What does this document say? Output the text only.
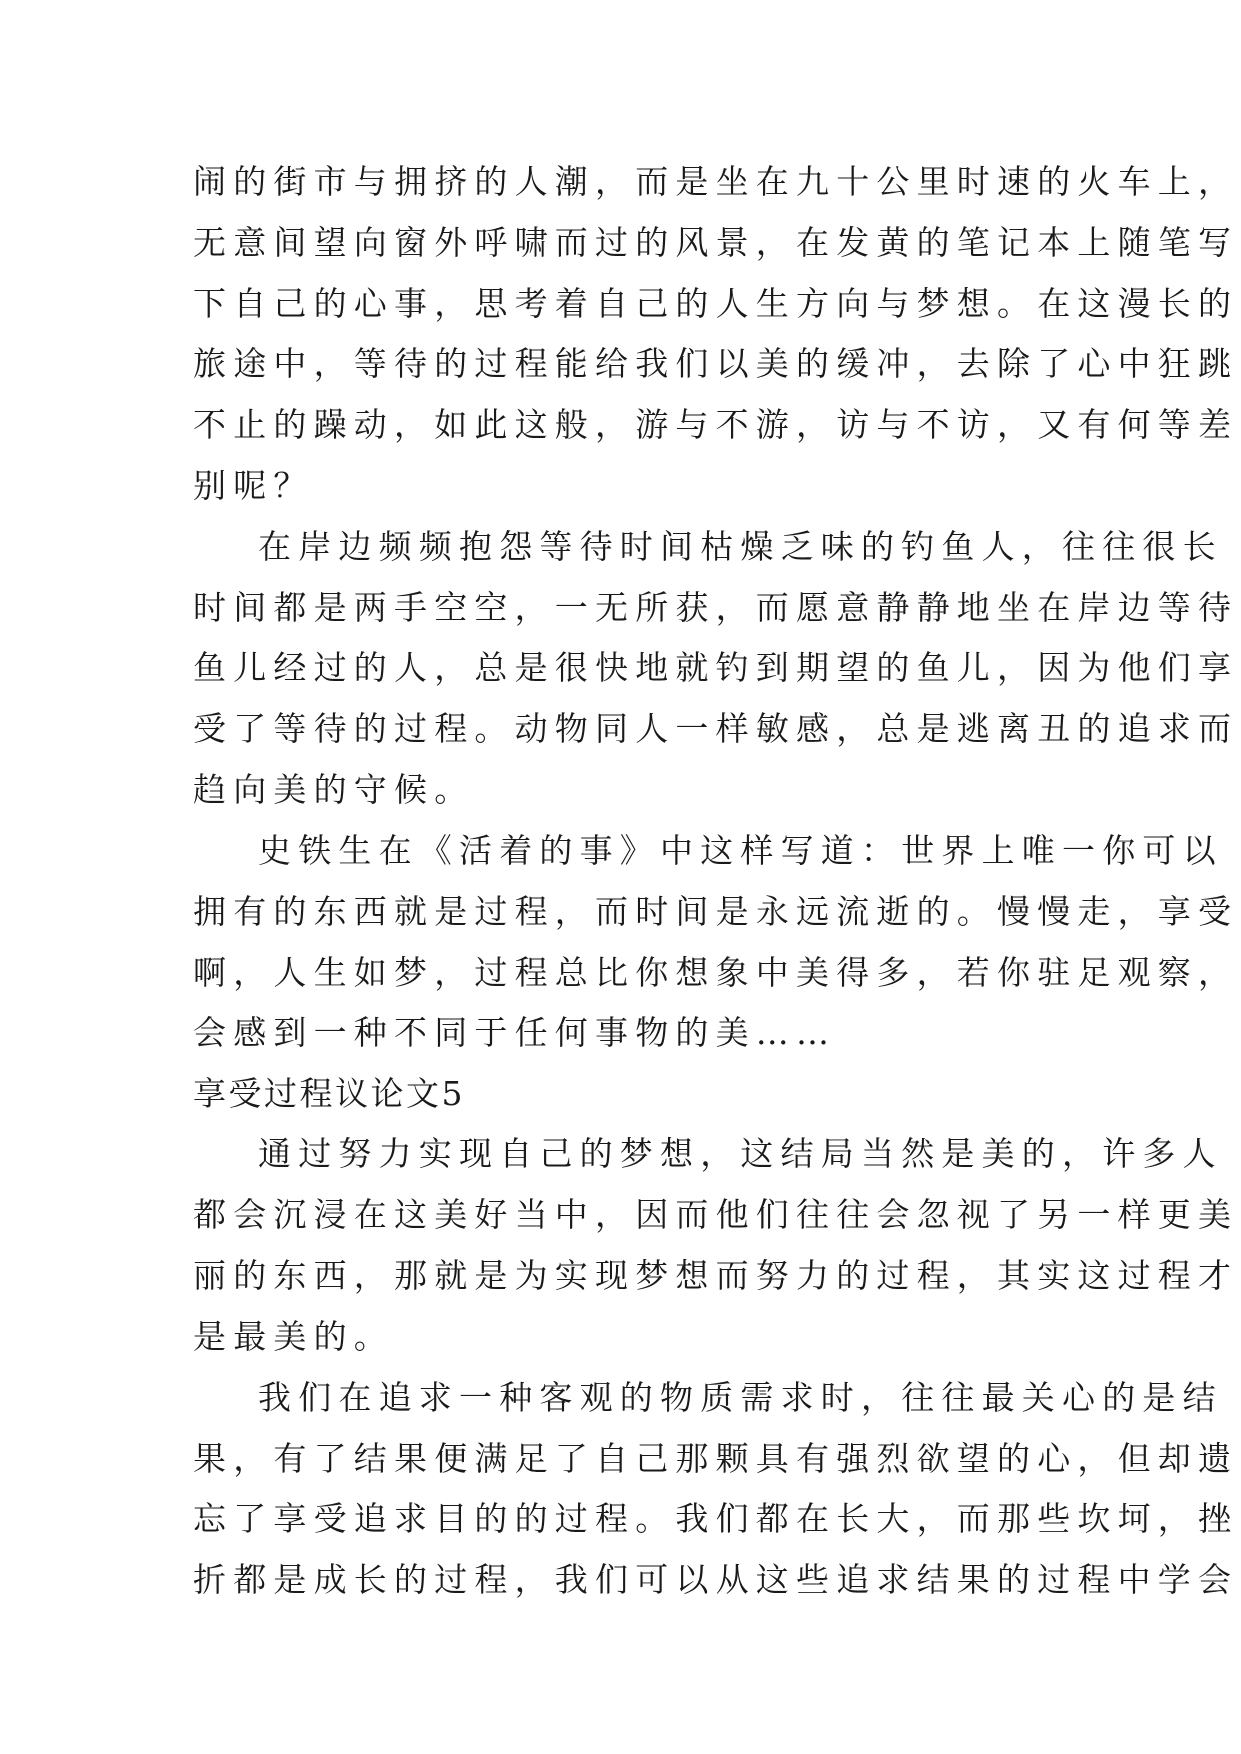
闹的街市与拥挤的人潮，而是坐在九十公里时速的火车上，
无意间望向窗外呼啸而过的风景，在发黄的笔记本上随笔写
下自己的心事，思考着自己的人生方向与梦想。在这漫长的
旅途中，等待的过程能给我们以美的缓冲，去除了心中狂跳
不止的躁动，如此这般，游与不游，访与不访，又有何等差
别呢？
在岸边频频抱怨等待时间枯燥乏味的钓鱼人，往往很长
时间都是两手空空，一无所获，而愿意静静地坐在岸边等待
鱼儿经过的人，总是很快地就钓到期望的鱼儿，因为他们享
受了等待的过程。动物同人一样敏感，总是逃离丑的追求而
趋向美的守候。
史铁生在《活着的事》中这样写道：世界上唯一你可以
拥有的东西就是过程，而时间是永远流逝的。慢慢走，享受
啊，人生如梦，过程总比你想象中美得多，若你驻足观察，
会感到一种不同于任何事物的美……
享受过程议论文5
通过努力实现自己的梦想，这结局当然是美的，许多人
都会沉浸在这美好当中，因而他们往往会忽视了另一样更美
丽的东西，那就是为实现梦想而努力的过程，其实这过程才
是最美的。
我们在追求一种客观的物质需求时，往往最关心的是结
果，有了结果便满足了自己那颗具有强烈欲望的心，但却遗
忘了享受追求目的的过程。我们都在长大，而那些坎坷，挫
折都是成长的过程，我们可以从这些追求结果的过程中学会
